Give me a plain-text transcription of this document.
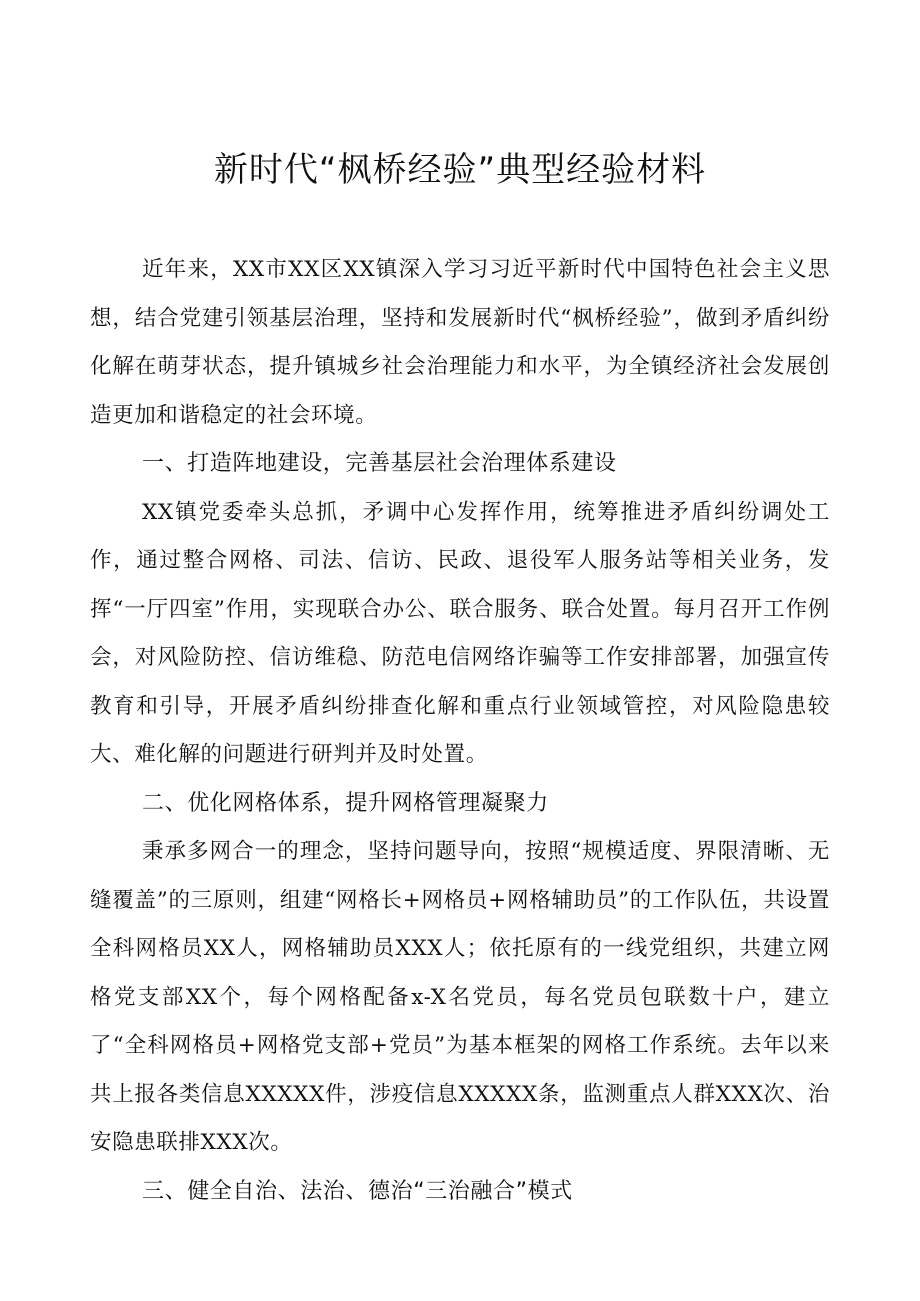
新时代“枫桥经验”典型经验材料

近年来，XX市XX区XX镇深入学习习近平新时代中国特色社会主义思想，结合党建引领基层治理，坚持和发展新时代“枫桥经验”，做到矛盾纠纷化解在萌芽状态，提升镇城乡社会治理能力和水平，为全镇经济社会发展创造更加和谐稳定的社会环境。

一、打造阵地建设，完善基层社会治理体系建设

XX镇党委牵头总抓，矛调中心发挥作用，统筹推进矛盾纠纷调处工作，通过整合网格、司法、信访、民政、退役军人服务站等相关业务，发挥“一厅四室”作用，实现联合办公、联合服务、联合处置。每月召开工作例会，对风险防控、信访维稳、防范电信网络诈骗等工作安排部署，加强宣传教育和引导，开展矛盾纠纷排查化解和重点行业领域管控，对风险隐患较大、难化解的问题进行研判并及时处置。

二、优化网格体系，提升网格管理凝聚力

秉承多网合一的理念，坚持问题导向，按照“规模适度、界限清晰、无缝覆盖”的三原则，组建“网格长+网格员+网格辅助员”的工作队伍，共设置全科网格员XX人，网格辅助员XXX人；依托原有的一线党组织，共建立网格党支部XX个，每个网格配备x-X名党员，每名党员包联数十户，建立了“全科网格员+网格党支部+党员”为基本框架的网格工作系统。去年以来共上报各类信息XXXXX件，涉疫信息XXXXX条，监测重点人群XXX次、治安隐患联排XXX次。

三、健全自治、法治、德治“三治融合”模式
